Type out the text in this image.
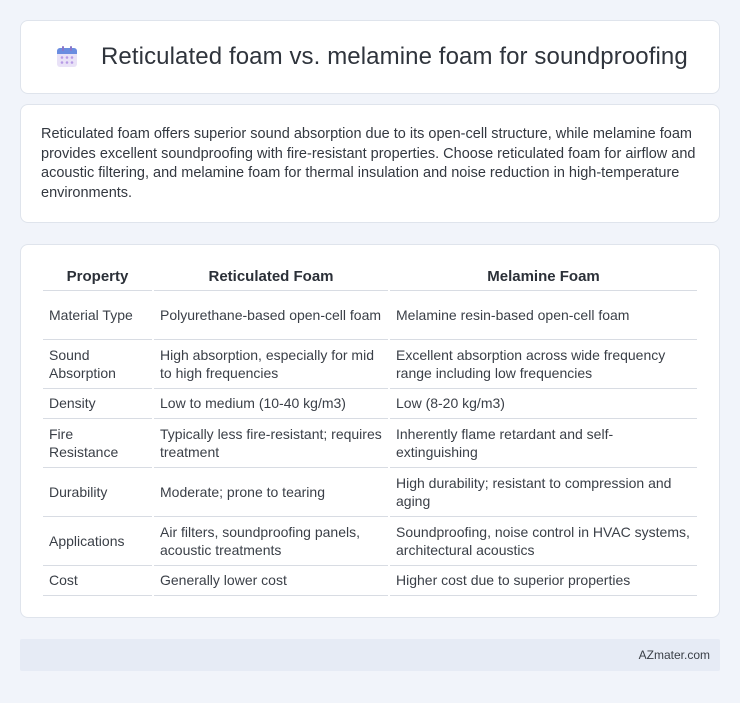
Reticulated foam vs. melamine foam for soundproofing

Reticulated foam offers superior sound absorption due to its open-cell structure, while melamine foam provides excellent soundproofing with fire-resistant properties. Choose reticulated foam for airflow and acoustic filtering, and melamine foam for thermal insulation and noise reduction in high-temperature environments.

Property	Reticulated Foam	Melamine Foam
Material Type	Polyurethane-based open-cell foam	Melamine resin-based open-cell foam
Sound Absorption	High absorption, especially for mid to high frequencies	Excellent absorption across wide frequency range including low frequencies
Density	Low to medium (10-40 kg/m3)	Low (8-20 kg/m3)
Fire Resistance	Typically less fire-resistant; requires treatment	Inherently flame retardant and self-extinguishing
Durability	Moderate; prone to tearing	High durability; resistant to compression and aging
Applications	Air filters, soundproofing panels, acoustic treatments	Soundproofing, noise control in HVAC systems, architectural acoustics
Cost	Generally lower cost	Higher cost due to superior properties
AZmater.com
